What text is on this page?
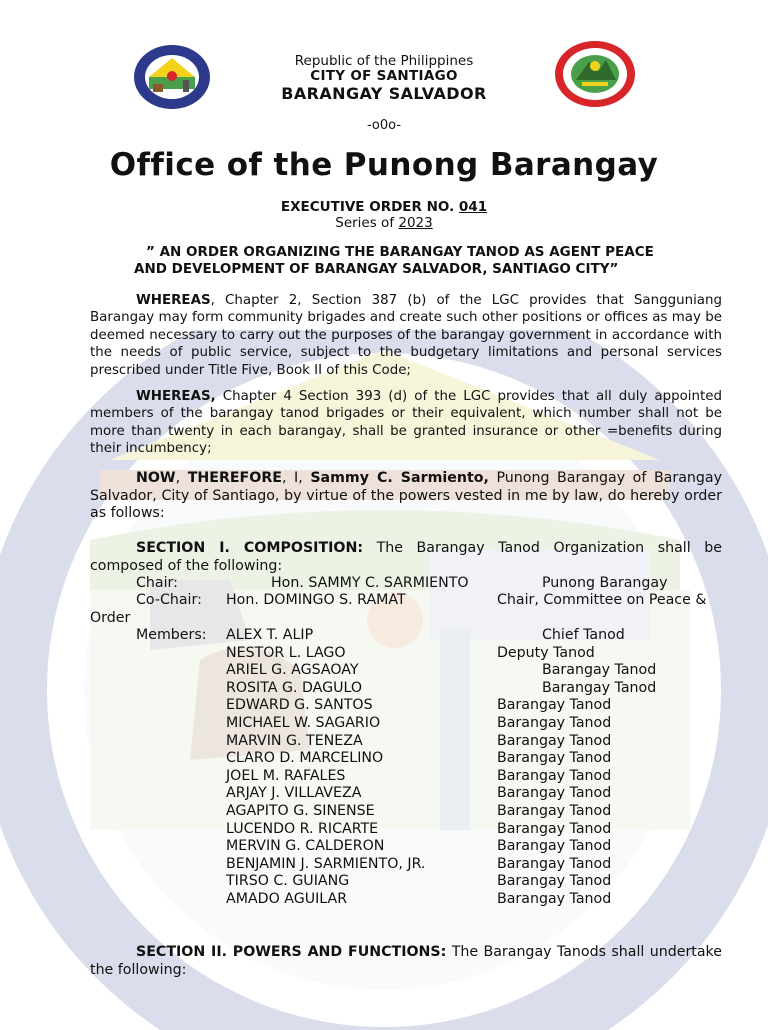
Republic of the Philippines
CITY OF SANTIAGO
BARANGAY SALVADOR
-o0o-
Office of the Punong Barangay
EXECUTIVE ORDER NO. 041
Series of 2023
” AN ORDER ORGANIZING THE BARANGAY TANOD AS AGENT PEACE
AND DEVELOPMENT OF BARANGAY SALVADOR, SANTIAGO CITY”
WHEREAS, Chapter 2, Section 387 (b) of the LGC provides that Sangguniang Barangay may form community brigades and create such other positions or offices as may be deemed necessary to carry out the purposes of the barangay government in accordance with the needs of public service, subject to the budgetary limitations and personal services prescribed under Title Five, Book II of this Code;
WHEREAS, Chapter 4 Section 393 (d) of the LGC provides that all duly appointed members of the barangay tanod brigades or their equivalent, which number shall not be more than twenty in each barangay, shall be granted insurance or other =benefits during their incumbency;
NOW, THEREFORE, I, Sammy C. Sarmiento, Punong Barangay of Barangay Salvador, City of Santiago, by virtue of the powers vested in me by law, do hereby order as follows:
SECTION I. COMPOSITION: The Barangay Tanod Organization shall be composed of the following:
Chair:	Hon. SAMMY C. SARMIENTO	Punong Barangay
Co-Chair: Hon. DOMINGO S. RAMAT	Chair, Committee on Peace &
Order
Members: ALEX T. ALIP	Chief Tanod
NESTOR L. LAGO	Deputy Tanod
ARIEL G. AGSAOAY	Barangay Tanod
ROSITA G. DAGULO	Barangay Tanod
EDWARD G. SANTOS	Barangay Tanod
MICHAEL W. SAGARIO	Barangay Tanod
MARVIN G. TENEZA	Barangay Tanod
CLARO D. MARCELINO	Barangay Tanod
JOEL M. RAFALES	Barangay Tanod
ARJAY J. VILLAVEZA	Barangay Tanod
AGAPITO G. SINENSE	Barangay Tanod
LUCENDO R. RICARTE	Barangay Tanod
MERVIN G. CALDERON	Barangay Tanod
BENJAMIN J. SARMIENTO, JR.	Barangay Tanod
TIRSO C. GUIANG	Barangay Tanod
AMADO AGUILAR	Barangay Tanod
SECTION II. POWERS AND FUNCTIONS: The Barangay Tanods shall undertake the following:
